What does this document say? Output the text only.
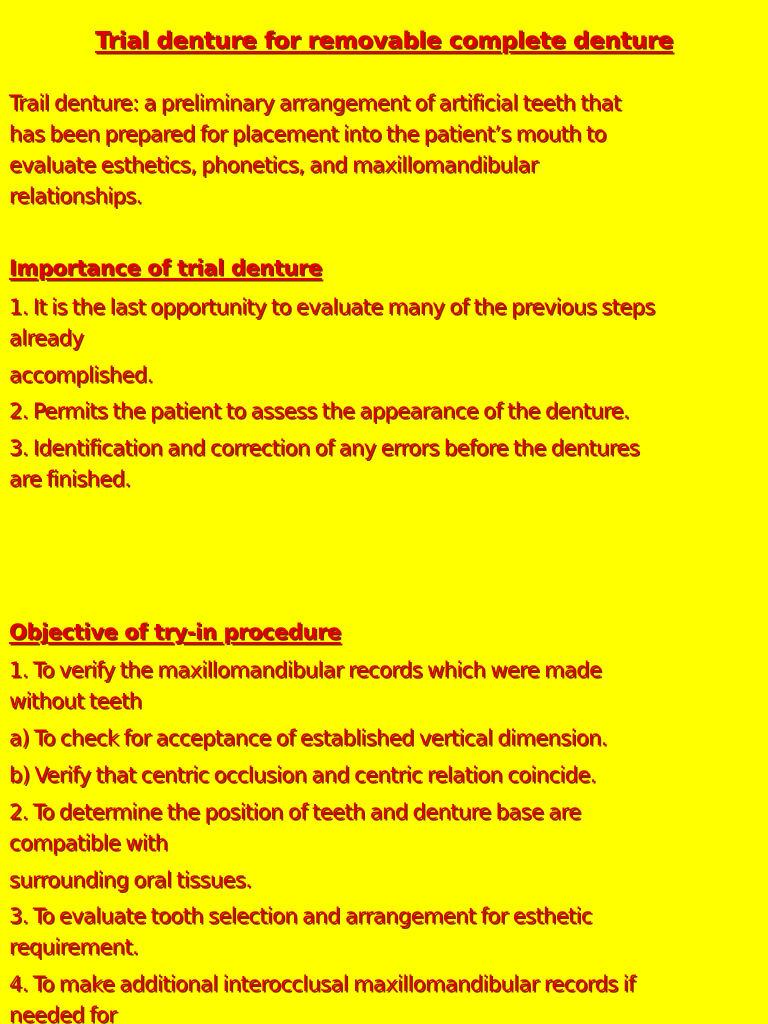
Trial denture for removable complete denture
Trail denture: a preliminary arrangement of artificial teeth that
has been prepared for placement into the patient’s mouth to
evaluate esthetics, phonetics, and maxillomandibular
relationships.
Importance of trial denture
1. It is the last opportunity to evaluate many of the previous steps
already
accomplished.
2. Permits the patient to assess the appearance of the denture.
3. Identification and correction of any errors before the dentures
are finished.
Objective of try-in procedure
1. To verify the maxillomandibular records which were made
without teeth
a) To check for acceptance of established vertical dimension.
b) Verify that centric occlusion and centric relation coincide.
2. To determine the position of teeth and denture base are
compatible with
surrounding oral tissues.
3. To evaluate tooth selection and arrangement for esthetic
requirement.
4. To make additional interocclusal maxillomandibular records if
needed for
